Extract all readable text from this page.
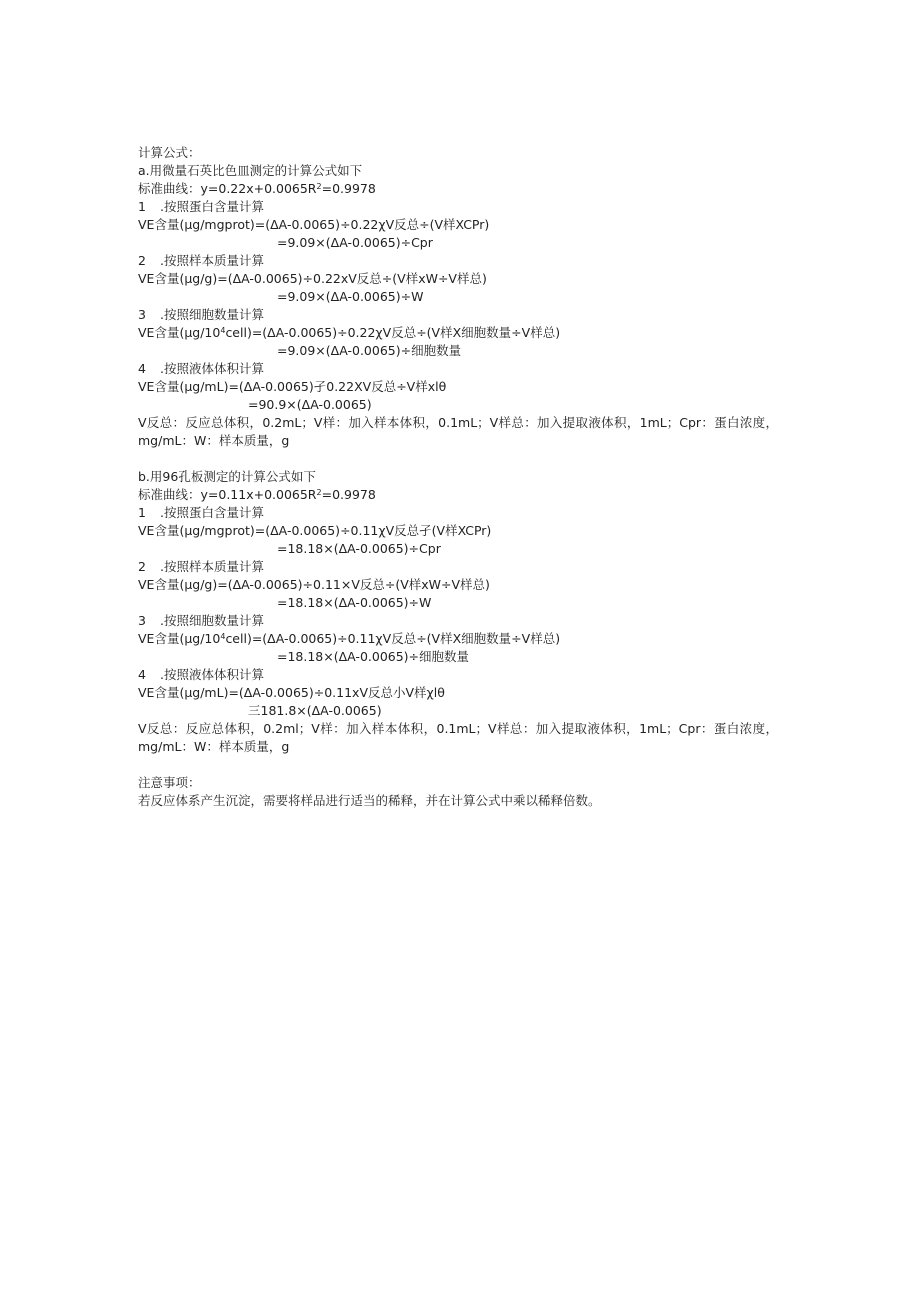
计算公式：
a.用微量石英比色皿测定的计算公式如下
标准曲线：$y=0.22x+0.0065R^2=0.9978$
1 .按照蛋白含量计算
VE含量(μg/mgprot)=(ΔA-0.0065)÷0.22χV反总÷(V样XCPr)
=9.09×(ΔA-0.0065)÷Cpr
2 .按照样本质量计算
VE含量(μg/g)=(ΔA-0.0065)÷0.22xV反总÷(V样xW÷V样总)
=9.09×(ΔA-0.0065)÷W
3 .按照细胞数量计算
VE含量$(\mu g/10^4cell)=(\Delta A-0.0065)\div 0.22\chi V$反总÷(V样X细胞数量÷V样总)
=9.09×(ΔA-0.0065)÷细胞数量
4 .按照液体体积计算
VE含量(μg/mL)=(ΔA-0.0065)孑0.22XV反总÷V样xlθ
=90.9×(ΔA-0.0065)
V反总：反应总体积，0.2mL；V样：加入样本体积，0.1mL；V样总：加入提取液体积，1mL；Cpr：蛋白浓度，mg/mL：W：样本质量，g
b.用96孔板测定的计算公式如下
标准曲线：$y=0.11x+0.0065R^2=0.9978$
1 .按照蛋白含量计算
VE含量(μg/mgprot)=(ΔA-0.0065)÷0.11χV反总孑(V样XCPr)
=18.18×(ΔA-0.0065)÷Cpr
2 .按照样本质量计算
VE含量(μg/g)=(ΔA-0.0065)÷0.11×V反总÷(V样xW÷V样总)
=18.18×(ΔA-0.0065)÷W
3 .按照细胞数量计算
VE含量$(\mu g/10^4cell)=(\Delta A-0.0065)\div 0.11\chi V$反总÷(V样X细胞数量÷V样总)
=18.18×(ΔA-0.0065)÷细胞数量
4 .按照液体体积计算
VE含量(μg/mL)=(ΔA-0.0065)÷0.11xV反总小V样χlθ
三181.8×(ΔA-0.0065)
V反总：反应总体积，0.2ml；V样：加入样本体积，0.1mL；V样总：加入提取液体积，1mL；Cpr：蛋白浓度，mg/mL：W：样本质量，g
注意事项：
若反应体系产生沉淀，需要将样品进行适当的稀释，并在计算公式中乘以稀释倍数。
